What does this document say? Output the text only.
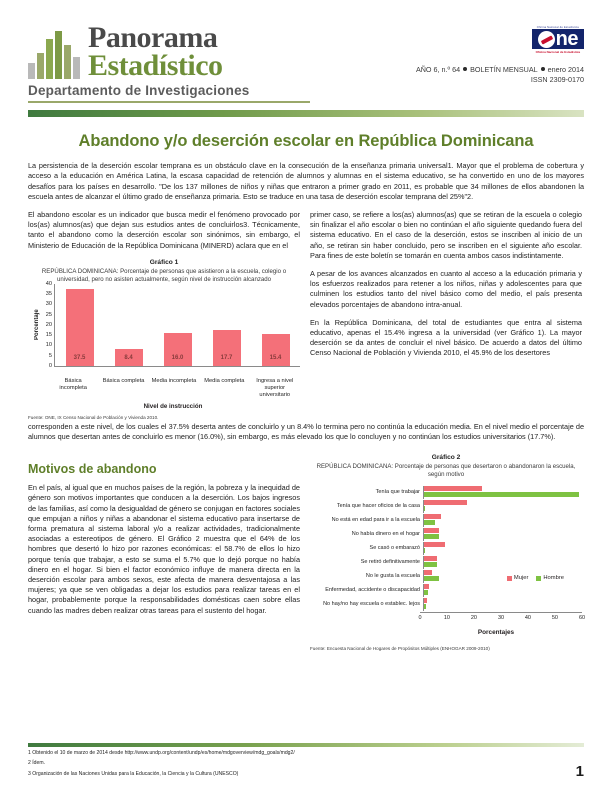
Panorama
Estadístico
Departamento de Investigaciones
Oficina Nacional de Estadística
ne
Oficina Nacional de Estadística
AÑO 6, n.º 64 BOLETÍN MENSUAL enero 2014
ISSN 2309-0170
Abandono y/o deserción escolar en República Dominicana

La persistencia de la deserción escolar temprana es un obstáculo clave en la consecución de la enseñanza primaria universal1. Mayor que el problema de cobertura y acceso a la educación en América Latina, la escasa capacidad de retención de alumnos y alumnas en el sistema educativo, se ha convertido en uno de los mayores desafíos para los países en desarrollo. "De los 137 millones de niños y niñas que entraron a primer grado en 2011, es probable que 34 millones de ellos abandonen la escuela antes de alcanzar el último grado de enseñanza primaria. Esto se traduce en una tasa de deserción escolar temprana del 25%"2.

El abandono escolar es un indicador que busca medir el fenómeno provocado por los(as) alumnos(as) que dejan sus estudios antes de concluirlos3. Técnicamente, tanto el abandono como la deserción escolar son sinónimos, sin embargo, el Ministerio de Educación de la República Dominicana (MINERD) aclara que en el

Gráfico 1
REPÚBLICA DOMINICANA: Porcentaje de personas que asistieron a la escuela, colegio o universidad, pero no asisten actualmente, según nivel de instrucción alcanzado
Porcentaje
40
35
30
25
20
15
10
5
0
37.5	8.4	16.0	17.7	15.4
Básica incompleta
Básica completa	Media incompleta	Media completa	Ingresa a nivel superior universitario
Nivel de instrucción
Fuente: ONE, IX Censo Nacional de Población y Vivienda 2010.

primer caso, se refiere a los(as) alumnos(as) que se retiran de la escuela o colegio sin finalizar el año escolar o bien no continúan el año siguiente quedando fuera del sistema educativo. En el caso de la deserción, estos se inscriben al inicio de un año, se retiran sin haber concluido, pero se inscriben en el siguiente año escolar. Para fines de este boletín se tomarán en cuenta ambos casos indistintamente.

A pesar de los avances alcanzados en cuanto al acceso a la educación primaria y los esfuerzos realizados para retener a los niños, niñas y adolescentes para que culminen los estudios tanto del nivel básico como del medio, el país presenta elevados porcentajes de abandono intra-anual.

En la República Dominicana, del total de estudiantes que entra al sistema educativo, apenas el 15.4% ingresa a la universidad (ver Gráfico 1). La mayor deserción se da antes de concluir el nivel básico. De acuerdo a datos del último Censo Nacional de Población y Vivienda 2010, el 45.9% de los desertores

corresponden a este nivel, de los cuales el 37.5% deserta antes de concluirlo y un 8.4% lo termina pero no continúa la educación media. En el nivel medio el porcentaje de alumnos que desertan antes de concluirlo es menor (16.0%), sin embargo, es más elevado los que lo concluyen y no continúan los estudios universitarios (17.7%).

Motivos de abandono

En el país, al igual que en muchos países de la región, la pobreza y la inequidad de género son motivos importantes que conducen a la deserción. Los bajos ingresos de las familias, así como la desigualdad de género se conjugan en factores sociales que empujan a niños y niñas a abandonar el sistema educativo para insertarse de forma prematura al sistema laboral y/o a realizar actividades, tradicionalmente asociadas a estereotipos de género. El Gráfico 2 muestra que el 64% de los hombres que desertó lo hizo por razones económicas: el 58.7% de ellos lo hizo porque tenía que trabajar, a esto se suma el 5.7% que lo dejó porque no había dinero en el hogar. Si bien el factor económico influye de manera directa en la deserción escolar para ambos sexos, este afecta de manera desventajosa a las mujeres; ya que se ven obligadas a dejar los estudios para realizar tareas en el hogar, probablemente porque la responsabilidades domésticas caen sobre ellas cuando las madres deben realizar otras tareas para el sustento del hogar.

Gráfico 2
REPÚBLICA DOMINICANA: Porcentaje de personas que desertaron o abandonaron la escuela, según motivo
Tenía que trabajar
Tenía que hacer oficios de la casa
No está en edad para ir a la escuela
No había dinero en el hogar
Se casó o embarazó
Se retiró definitivamente
No le gusta la escuela
Enfermedad, accidente o discapacidad
No hay/no hay escuela o establec. lejos
Mujer	Hombre
0	10	20	30	40	50	60
Porcentajes
Fuente: Encuesta Nacional de Hogares de Propósitos Múltiples (ENHOGAR 2009-2010)
1 Obtenido el 10 de marzo de 2014 desde http://www.undp.org/content/undp/es/home/mdgoverview/mdg_goals/mdg2/
2 Ídem.
3 Organización de las Naciones Unidas para la Educación, la Ciencia y la Cultura (UNESCO)	1
